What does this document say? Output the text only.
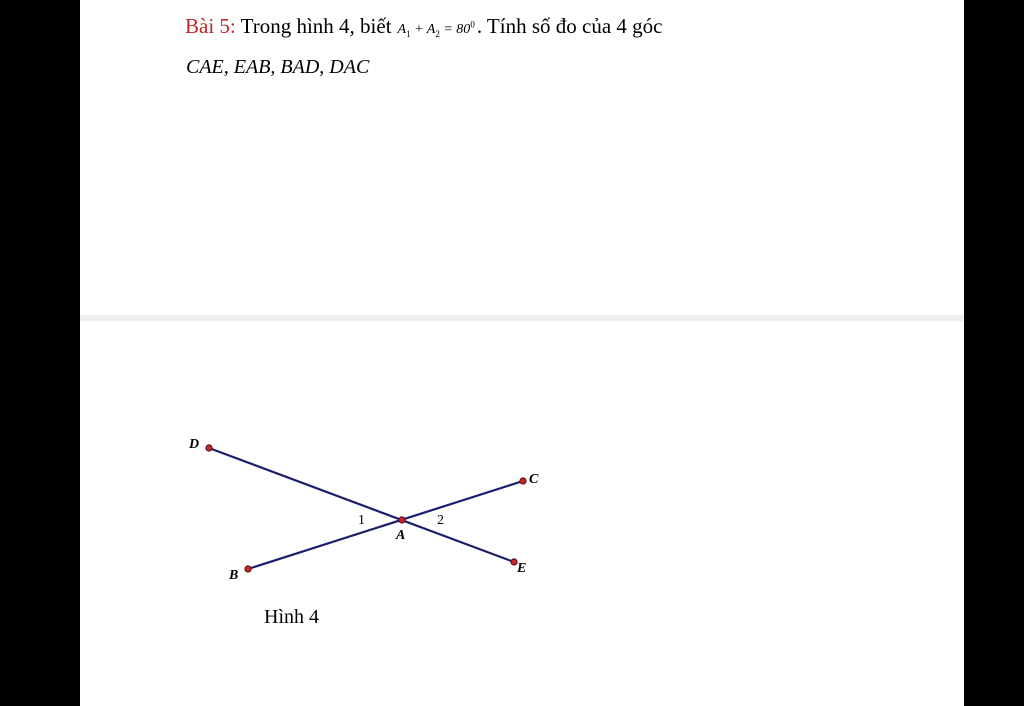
Bài 5: Trong hình 4, biết $A_1 + A_2 = 80^0$. Tính số đo của 4 góc
CAE, EAB, BAD, DAC
D
C
B	E
A
1	2
Hình 4
